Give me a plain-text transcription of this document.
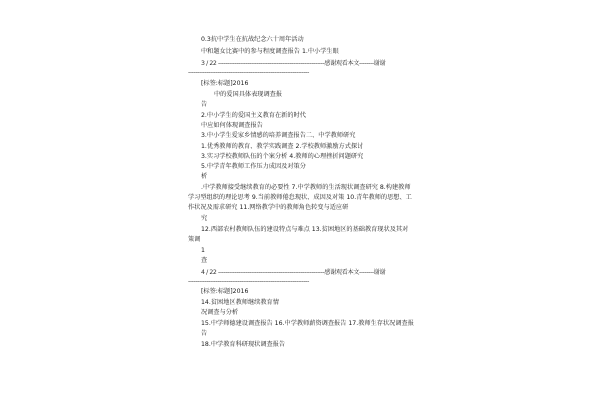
0.3抗中学生在抗战纪念六十周年活动
中和题女比赛中的参与程度调查报告 1.中小学生眼
3 / 22 ----------------------------------------------------------感谢观看本文--------谢谢
------------------------------------------------------------------
[标签:标题]2016
中的爱国具体表现调查报
告
2.中小学生的爱国主义教育在新的时代
中应如何体现调查报告
3.中小学生爱家乡情感的培养调查报告二、中学教师研究
1.优秀教师的教育、教学实践调查 2.学校教师激励方式探讨
3.实习学校教师队伍的个案分析 4.教师的心理挫折问题研究
5.中学青年教师工作压力成因及对策分
析
.中学教师接受继续教育的必要性 7.中学教师的生活现状调查研究 8.构建教师
学习型组织的理论思考 9.当前教师倦怠现状、成因及对策 10.青年教师的思想、工
作状况及需求研究 11.网络教学中的教师角色转变与适应研
究
12.西部农村教师队伍的建设特点与难点 13.贫困地区的基础教育现状及其对
策调
1
查
4 / 22 ----------------------------------------------------------感谢观看本文--------谢谢
------------------------------------------------------------------
[标签:标题]2016
14.贫困地区教师继续教育情
况调查与分析
15.中学师德建设调查报告 16.中学教师薪资调查报告 17.教师生存状况调查报
告
18.中学教育科研现状调查报告
